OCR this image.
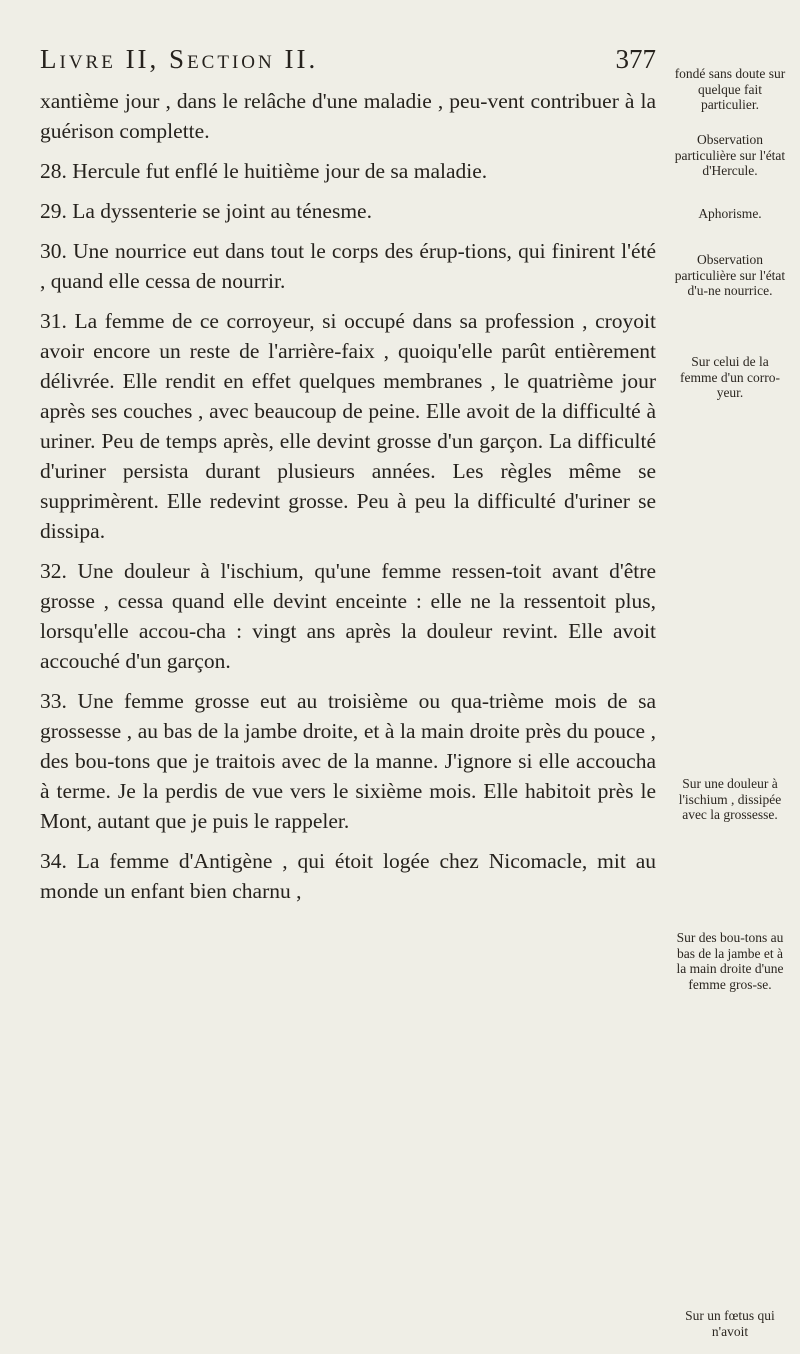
Livre II, Section II.	377

xantième jour , dans le relâche d'une maladie , peu-vent contribuer à la guérison complette.

28. Hercule fut enflé le huitième jour de sa maladie.

29. La dyssenterie se joint au ténesme.

30. Une nourrice eut dans tout le corps des érup-tions, qui finirent l'été , quand elle cessa de nourrir.

31. La femme de ce corroyeur, si occupé dans sa profession , croyoit avoir encore un reste de l'arrière-faix , quoiqu'elle parût entièrement délivrée. Elle rendit en effet quelques membranes , le quatrième jour après ses couches , avec beaucoup de peine. Elle avoit de la difficulté à uriner. Peu de temps après, elle devint grosse d'un garçon. La difficulté d'uriner persista durant plusieurs années. Les règles même se supprimèrent. Elle redevint grosse. Peu à peu la difficulté d'uriner se dissipa.

32. Une douleur à l'ischium, qu'une femme ressen-toit avant d'être grosse , cessa quand elle devint enceinte : elle ne la ressentoit plus, lorsqu'elle accou-cha : vingt ans après la douleur revint. Elle avoit accouché d'un garçon.

33. Une femme grosse eut au troisième ou qua-trième mois de sa grossesse , au bas de la jambe droite, et à la main droite près du pouce , des bou-tons que je traitois avec de la manne. J'ignore si elle accoucha à terme. Je la perdis de vue vers le sixième mois. Elle habitoit près le Mont, autant que je puis le rappeler.

34. La femme d'Antigène , qui étoit logée chez Nicomacle, mit au monde un enfant bien charnu ,

fondé sans doute sur quelque fait particulier.
Observation particulière sur l'état d'Hercule.
Aphorisme.
Observation particulière sur l'état d'u-ne nourrice.
Sur celui de la femme d'un corro-yeur.
Sur une douleur à l'ischium , dissipée avec la grossesse.
Sur des bou-tons au bas de la jambe et à la main droite d'une femme gros-se.
Sur un fœtus qui n'avoit
